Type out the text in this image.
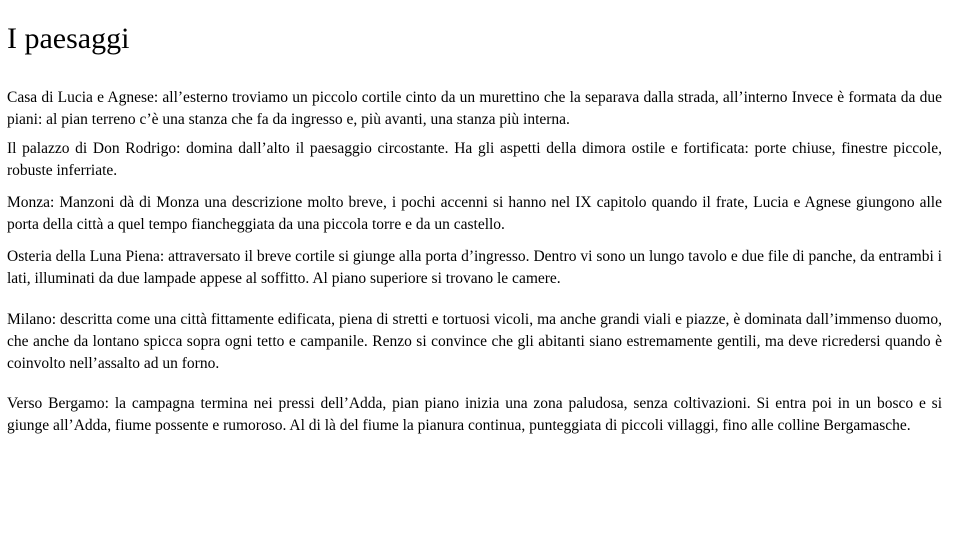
I paesaggi

Casa di Lucia e Agnese: all’esterno troviamo un piccolo cortile cinto da un murettino che la separava dalla strada, all’interno Invece è formata da due piani: al pian terreno c’è una stanza che fa da ingresso e, più avanti, una stanza più interna.

Il palazzo di Don Rodrigo: domina dall’alto il paesaggio circostante. Ha gli aspetti della dimora ostile e fortificata: porte chiuse, finestre piccole, robuste inferriate.

Monza: Manzoni dà di Monza una descrizione molto breve, i pochi accenni si hanno nel IX capitolo quando il frate, Lucia e Agnese giungono alle porta della città a quel tempo fiancheggiata da una piccola torre e da un castello.

Osteria della Luna Piena: attraversato il breve cortile si giunge alla porta d’ingresso. Dentro vi sono un lungo tavolo e due file di panche, da entrambi i lati, illuminati da due lampade appese al soffitto. Al piano superiore si trovano le camere.

Milano: descritta come una città fittamente edificata, piena di stretti e tortuosi vicoli, ma anche grandi viali e piazze, è dominata dall’immenso duomo, che anche da lontano spicca sopra ogni tetto e campanile. Renzo si convince che gli abitanti siano estremamente gentili, ma deve ricredersi quando è coinvolto nell’assalto ad un forno.

Verso Bergamo: la campagna termina nei pressi dell’Adda, pian piano inizia una zona paludosa, senza coltivazioni. Si entra poi in un bosco e si giunge all’Adda, fiume possente e rumoroso. Al di là del fiume la pianura continua, punteggiata di piccoli villaggi, fino alle colline Bergamasche.
